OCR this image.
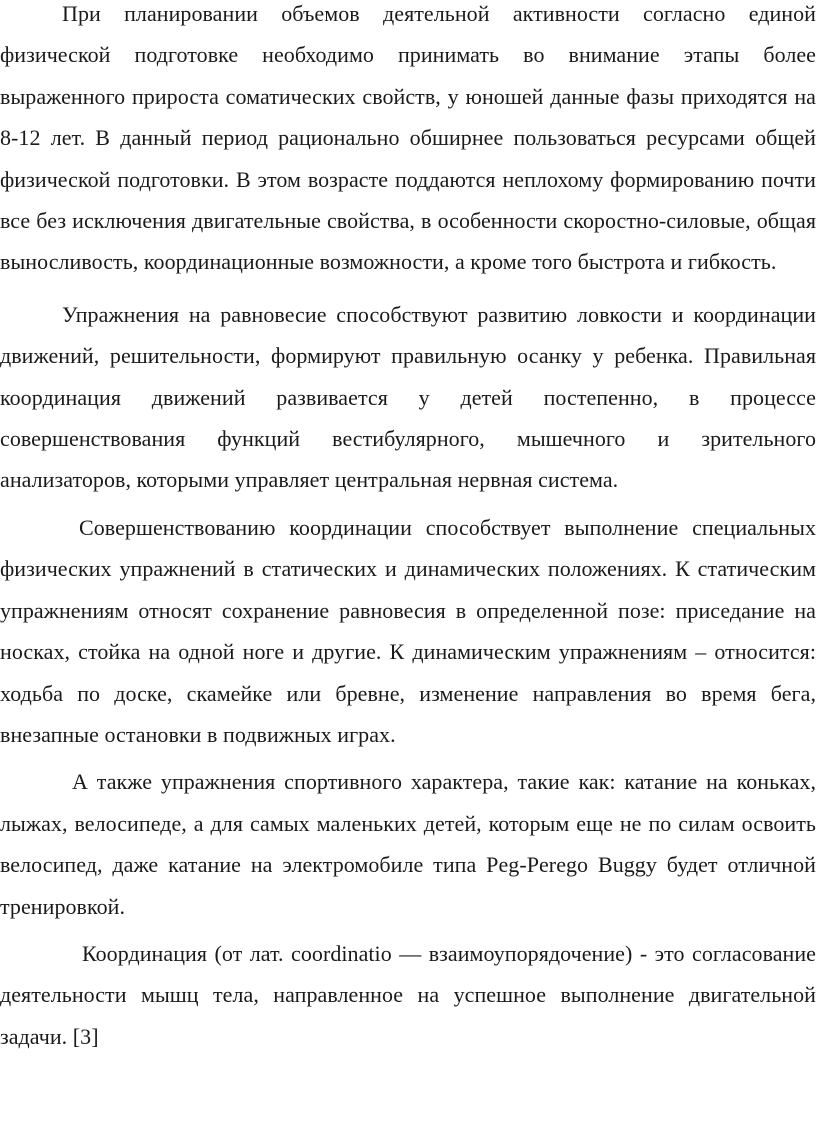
При планировании объемов деятельной активности согласно единой физической подготовке необходимо принимать во внимание этапы более выраженного прироста соматических свойств, у юношей данные фазы приходятся на 8-12 лет. В данный период рационально обширнее пользоваться ресурсами общей физической подготовки. В этом возрасте поддаются неплохому формированию почти все без исключения двигательные свойства, в особенности скоростно-силовые, общая выносливость, координационные возможности, а кроме того быстрота и гибкость.

Упражнения на равновесие способствуют развитию ловкости и координации движений, решительности, формируют правильную осанку у ребенка. Правильная координация движений развивается у детей постепенно, в процессе совершенствования функций вестибулярного, мышечного и зрительного анализаторов, которыми управляет центральная нервная система.

Совершенствованию координации способствует выполнение специальных физических упражнений в статических и динамических положениях. К статическим упражнениям относят сохранение равновесия в определенной позе: приседание на носках, стойка на одной ноге и другие. К динамическим упражнениям – относится: ходьба по доске, скамейке или бревне, изменение направления во время бега, внезапные остановки в подвижных играх.

А также упражнения спортивного характера, такие как: катание на коньках, лыжах, велосипеде, а для самых маленьких детей, которым еще не по силам освоить велосипед, даже катание на электромобиле типа Peg-Perego Buggy будет отличной тренировкой.

Координация (от лат. coordinatio — взаимоупорядочение) - это согласование деятельности мышц тела, направленное на успешное выполнение двигательной задачи. [3]
